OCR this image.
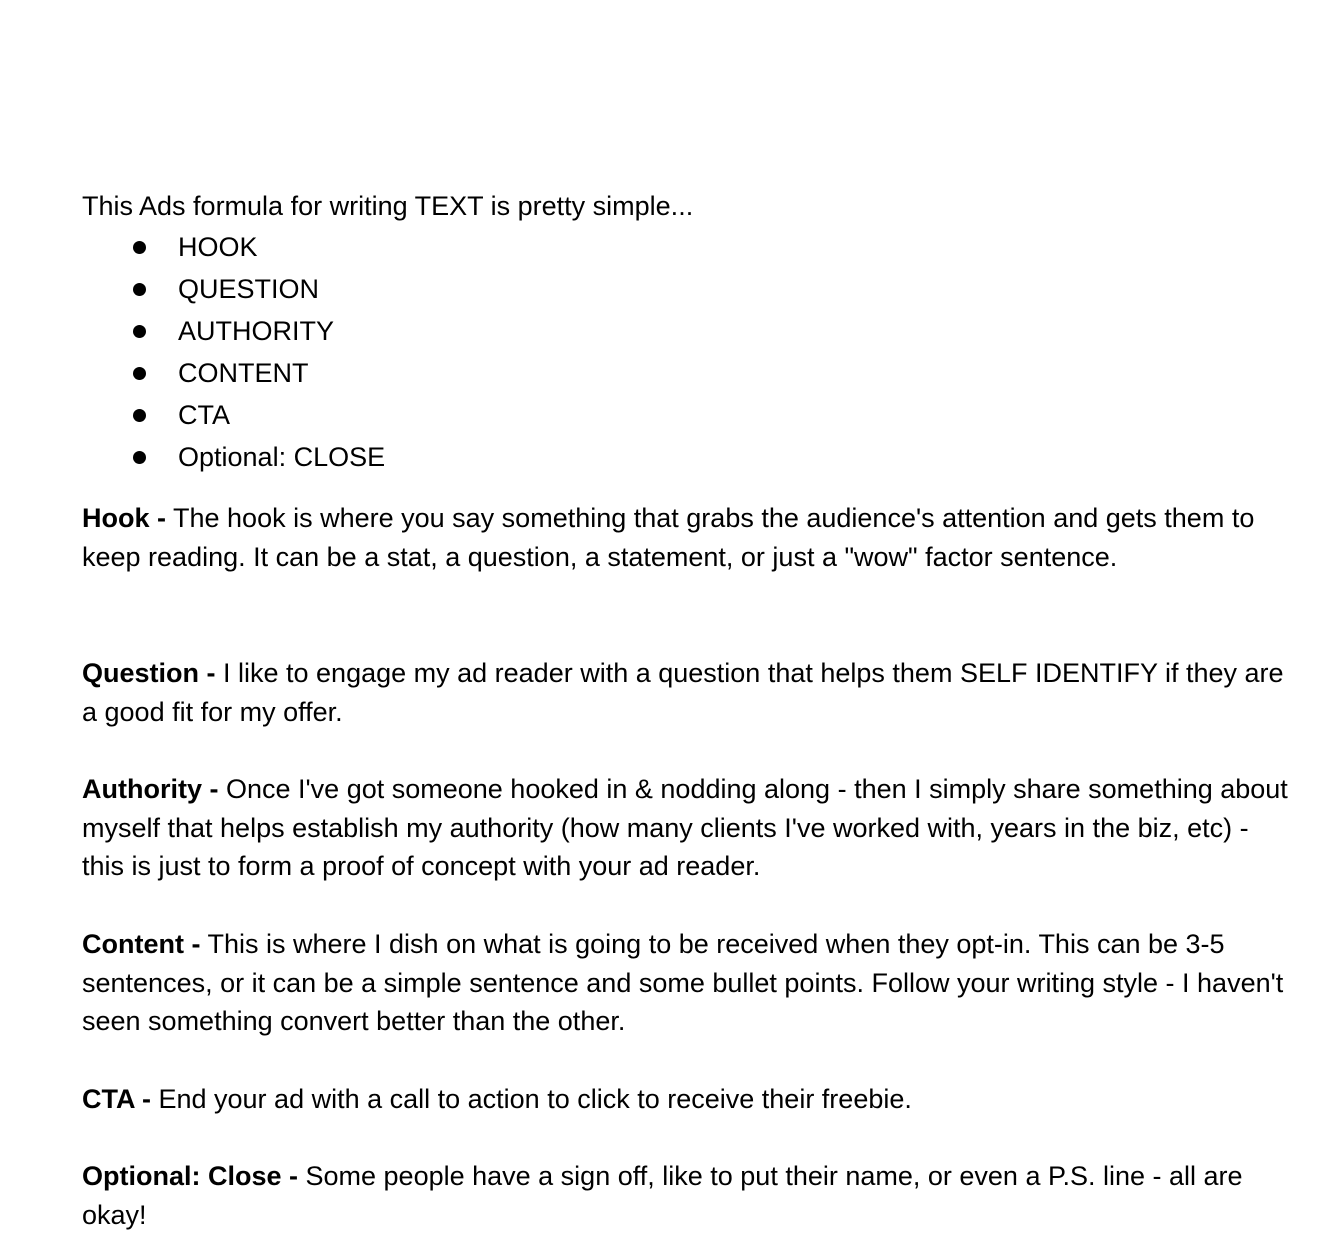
This Ads formula for writing TEXT is pretty simple...
HOOK
QUESTION
AUTHORITY
CONTENT
CTA
Optional: CLOSE

Hook - The hook is where you say something that grabs the audience's attention and gets them to keep reading. It can be a stat, a question, a statement, or just a "wow" factor sentence.

Question - I like to engage my ad reader with a question that helps them SELF IDENTIFY if they are a good fit for my offer.

Authority - Once I've got someone hooked in & nodding along - then I simply share something about myself that helps establish my authority (how many clients I've worked with, years in the biz, etc) - this is just to form a proof of concept with your ad reader.

Content - This is where I dish on what is going to be received when they opt-in. This can be 3-5 sentences, or it can be a simple sentence and some bullet points. Follow your writing style - I haven't seen something convert better than the other.

CTA - End your ad with a call to action to click to receive their freebie.

Optional: Close - Some people have a sign off, like to put their name, or even a P.S. line - all are okay!
